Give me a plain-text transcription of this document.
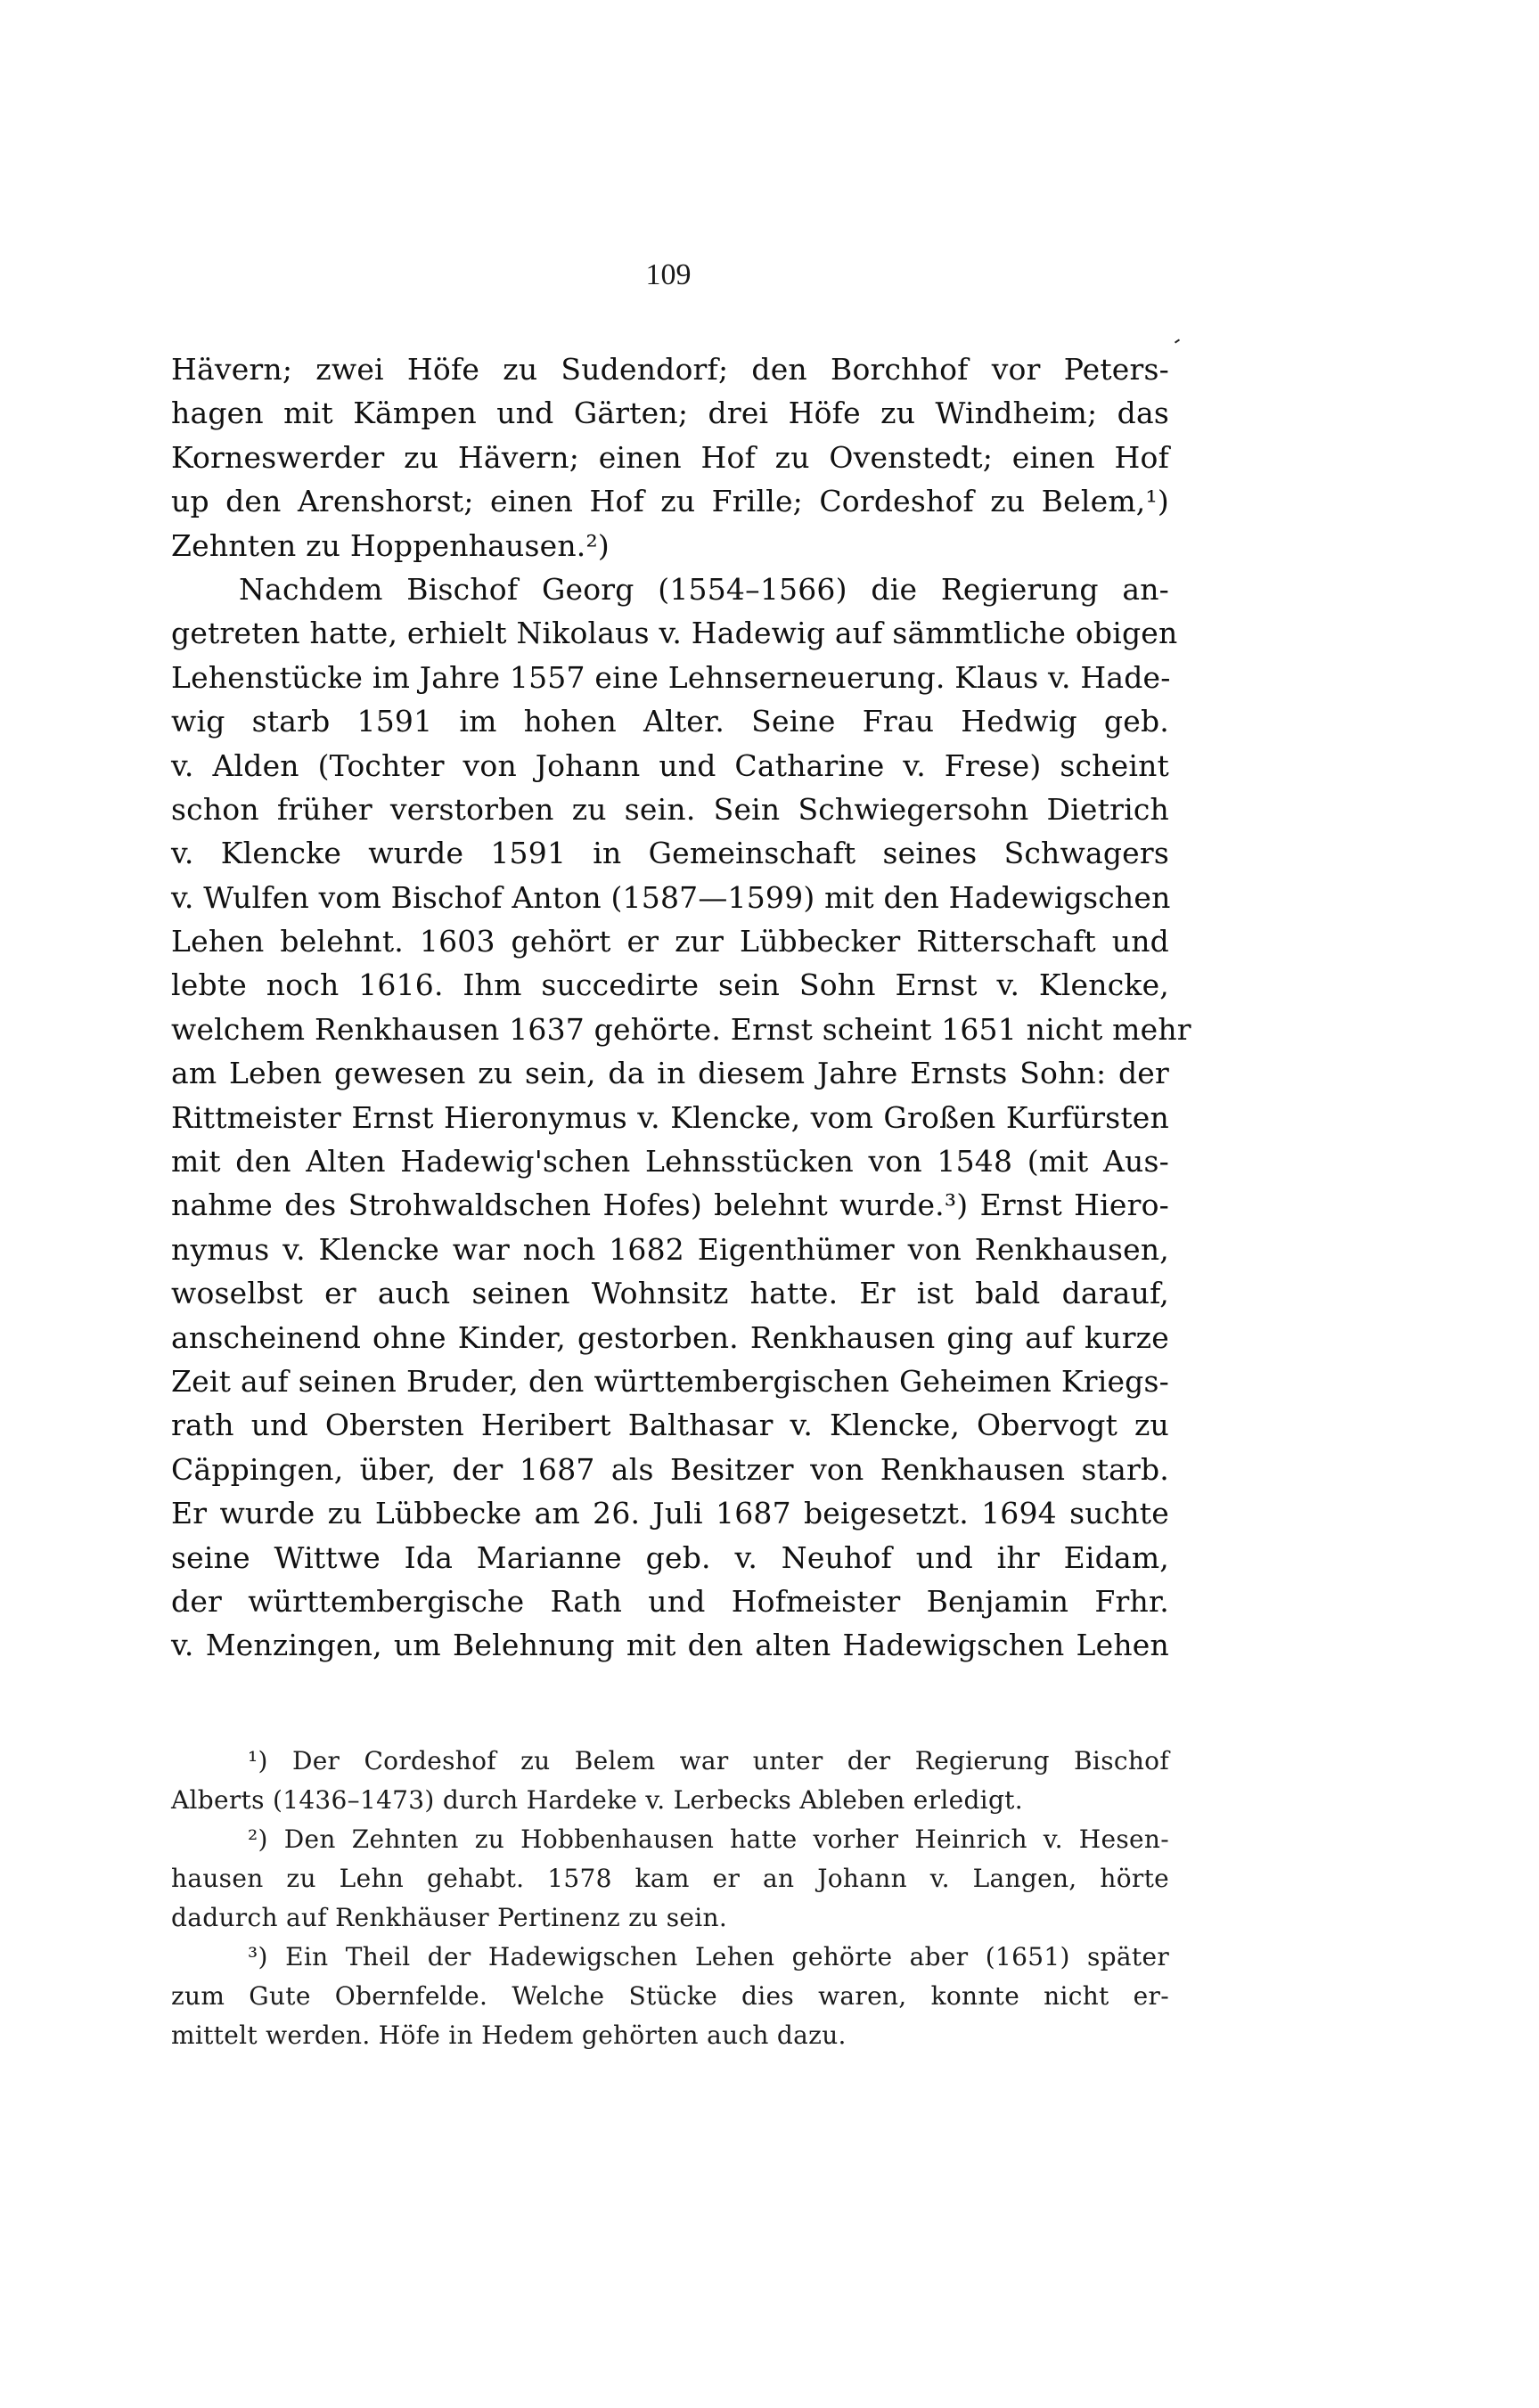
109
Hävern; zwei Höfe zu Sudendorf; den Borchhof vor Peters-
hagen mit Kämpen und Gärten; drei Höfe zu Windheim; das
Korneswerder zu Hävern; einen Hof zu Ovenstedt; einen Hof
up den Arenshorst; einen Hof zu Frille; Cordeshof zu Belem,¹)
Zehnten zu Hoppenhausen.²)
Nachdem Bischof Georg (1554–1566) die Regierung an-
getreten hatte, erhielt Nikolaus v. Hadewig auf sämmtliche obigen
Lehenstücke im Jahre 1557 eine Lehnserneuerung. Klaus v. Hade-
wig starb 1591 im hohen Alter. Seine Frau Hedwig geb.
v. Alden (Tochter von Johann und Catharine v. Frese) scheint
schon früher verstorben zu sein. Sein Schwiegersohn Dietrich
v. Klencke wurde 1591 in Gemeinschaft seines Schwagers
v. Wulfen vom Bischof Anton (1587—1599) mit den Hadewigschen
Lehen belehnt. 1603 gehört er zur Lübbecker Ritterschaft und
lebte noch 1616. Ihm succedirte sein Sohn Ernst v. Klencke,
welchem Renkhausen 1637 gehörte. Ernst scheint 1651 nicht mehr
am Leben gewesen zu sein, da in diesem Jahre Ernsts Sohn: der
Rittmeister Ernst Hieronymus v. Klencke, vom Großen Kurfürsten
mit den Alten Hadewig'schen Lehnsstücken von 1548 (mit Aus-
nahme des Strohwaldschen Hofes) belehnt wurde.³) Ernst Hiero-
nymus v. Klencke war noch 1682 Eigenthümer von Renkhausen,
woselbst er auch seinen Wohnsitz hatte. Er ist bald darauf,
anscheinend ohne Kinder, gestorben. Renkhausen ging auf kurze
Zeit auf seinen Bruder, den württembergischen Geheimen Kriegs-
rath und Obersten Heribert Balthasar v. Klencke, Obervogt zu
Cäppingen, über, der 1687 als Besitzer von Renkhausen starb.
Er wurde zu Lübbecke am 26. Juli 1687 beigesetzt. 1694 suchte
seine Wittwe Ida Marianne geb. v. Neuhof und ihr Eidam,
der württembergische Rath und Hofmeister Benjamin Frhr.
v. Menzingen, um Belehnung mit den alten Hadewigschen Lehen
¹) Der Cordeshof zu Belem war unter der Regierung Bischof
Alberts (1436–1473) durch Hardeke v. Lerbecks Ableben erledigt.
²) Den Zehnten zu Hobbenhausen hatte vorher Heinrich v. Hesen-
hausen zu Lehn gehabt. 1578 kam er an Johann v. Langen, hörte
dadurch auf Renkhäuser Pertinenz zu sein.
³) Ein Theil der Hadewigschen Lehen gehörte aber (1651) später
zum Gute Obernfelde. Welche Stücke dies waren, konnte nicht er-
mittelt werden. Höfe in Hedem gehörten auch dazu.
